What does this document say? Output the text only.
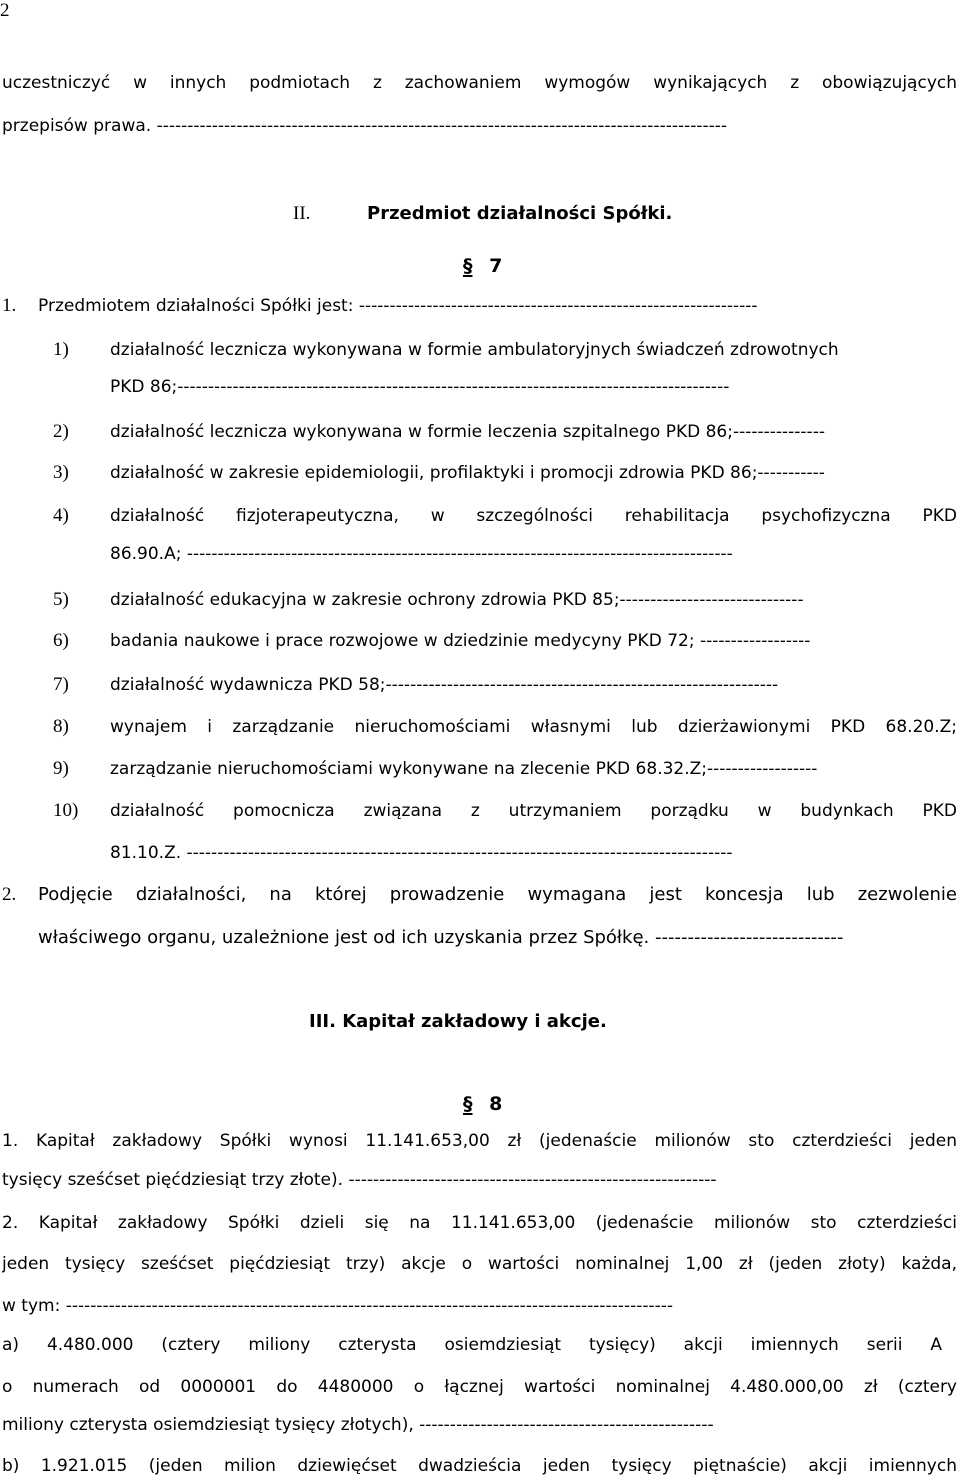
2
uczestniczyć w innych podmiotach z zachowaniem wymogów wynikających z obowiązujących
przepisów prawa. ---------------------------------------------------------------------------------------------
II.	Przedmiot działalności Spółki.
§ 7
1. Przedmiotem działalności Spółki jest: -----------------------------------------------------------------
1) działalność lecznicza wykonywana w formie ambulatoryjnych świadczeń zdrowotnych
PKD 86;------------------------------------------------------------------------------------------
2) działalność lecznicza wykonywana w formie leczenia szpitalnego PKD 86;---------------
3) działalność w zakresie epidemiologii, profilaktyki i promocji zdrowia PKD 86;-----------
4) działalność fizjoterapeutyczna, w szczególności rehabilitacja psychofizyczna PKD
86.90.A; -----------------------------------------------------------------------------------------
5) działalność edukacyjna w zakresie ochrony zdrowia PKD 85;------------------------------
6) badania naukowe i prace rozwojowe w dziedzinie medycyny PKD 72; ------------------
7) działalność wydawnicza PKD 58;----------------------------------------------------------------
8) wynajem i zarządzanie nieruchomościami własnymi lub dzierżawionymi PKD 68.20.Z;
9) zarządzanie nieruchomościami wykonywane na zlecenie PKD 68.32.Z;------------------
10) działalność pomocnicza związana z utrzymaniem porządku w budynkach PKD
81.10.Z. -----------------------------------------------------------------------------------------
2. Podjęcie działalności, na której prowadzenie wymagana jest koncesja lub zezwolenie
właściwego organu, uzależnione jest od ich uzyskania przez Spółkę. -----------------------------
III. Kapitał zakładowy i akcje.
§ 8
1. Kapitał zakładowy Spółki wynosi 11.141.653,00 zł (jedenaście milionów sto czterdzieści jeden
tysięcy sześćset pięćdziesiąt trzy złote). ------------------------------------------------------------
2. Kapitał zakładowy Spółki dzieli się na 11.141.653,00 (jedenaście milionów sto czterdzieści
jeden tysięcy sześćset pięćdziesiąt trzy) akcje o wartości nominalnej 1,00 zł (jeden złoty) każda,
w tym: ---------------------------------------------------------------------------------------------------
a) 4.480.000 (cztery miliony czterysta osiemdziesiąt tysięcy) akcji imiennych serii A
o numerach od 0000001 do 4480000 o łącznej wartości nominalnej 4.480.000,00 zł (cztery
miliony czterysta osiemdziesiąt tysięcy złotych), ------------------------------------------------
b) 1.921.015 (jeden milion dziewięćset dwadzieścia jeden tysięcy piętnaście) akcji imiennych
